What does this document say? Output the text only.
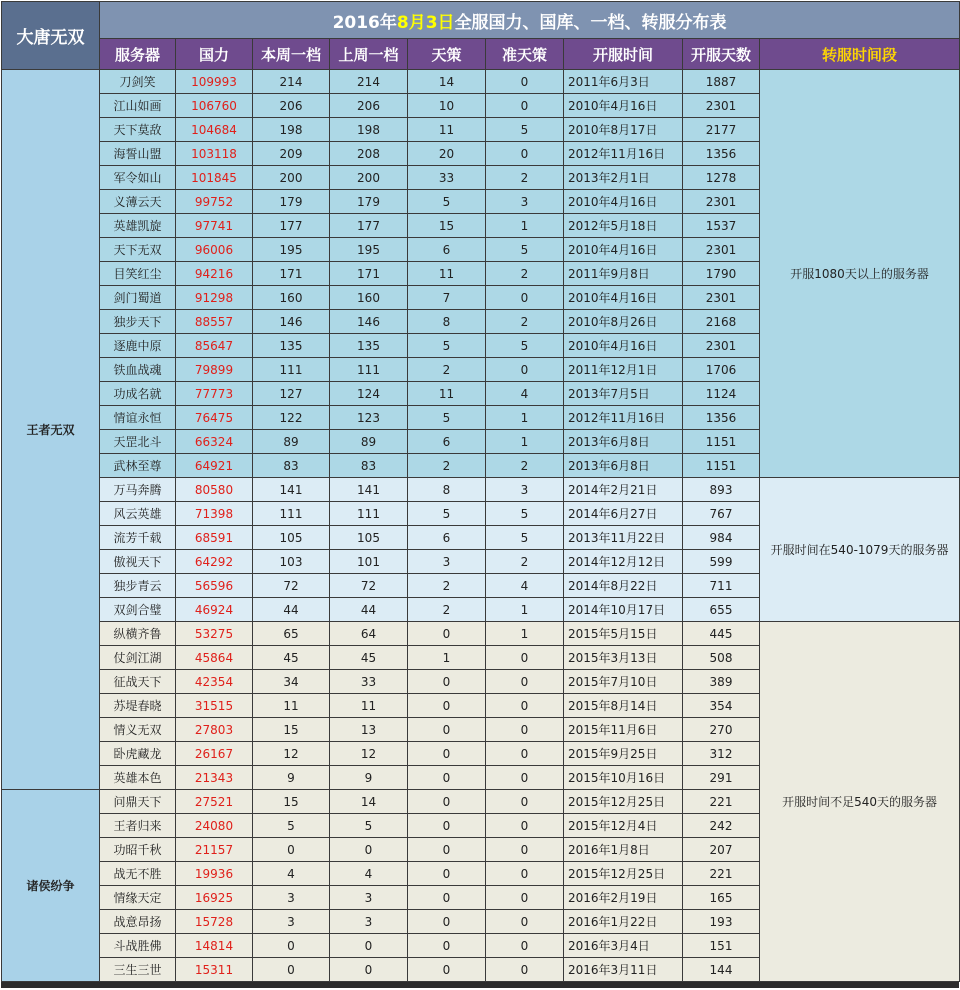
大唐无双	2016年8月3日全服国力、国库、一档、转服分布表								
	服务器	国力	本周一档	上周一档	天策	准天策	开服时间	开服天数	转服时间段
王者无双	刀剑笑	109993	214	214	14	0	2011年6月3日	1887	开服1080天以上的服务器
	江山如画	106760	206	206	10	0	2010年4月16日	2301	
	天下莫敌	104684	198	198	11	5	2010年8月17日	2177	
	海誓山盟	103118	209	208	20	0	2012年11月16日	1356	
	军令如山	101845	200	200	33	2	2013年2月1日	1278	
	义薄云天	99752	179	179	5	3	2010年4月16日	2301	
	英雄凯旋	97741	177	177	15	1	2012年5月18日	1537	
	天下无双	96006	195	195	6	5	2010年4月16日	2301	
	目笑红尘	94216	171	171	11	2	2011年9月8日	1790	
	剑门蜀道	91298	160	160	7	0	2010年4月16日	2301	
	独步天下	88557	146	146	8	2	2010年8月26日	2168	
	逐鹿中原	85647	135	135	5	5	2010年4月16日	2301	
	铁血战魂	79899	111	111	2	0	2011年12月1日	1706	
	功成名就	77773	127	124	11	4	2013年7月5日	1124	
	情谊永恒	76475	122	123	5	1	2012年11月16日	1356	
	天罡北斗	66324	89	89	6	1	2013年6月8日	1151	
	武林至尊	64921	83	83	2	2	2013年6月8日	1151	
	万马奔腾	80580	141	141	8	3	2014年2月21日	893	开服时间在540-1079天的服务器
	风云英雄	71398	111	111	5	5	2014年6月27日	767	
	流芳千载	68591	105	105	6	5	2013年11月22日	984	
	傲视天下	64292	103	101	3	2	2014年12月12日	599	
	独步青云	56596	72	72	2	4	2014年8月22日	711	
	双剑合璧	46924	44	44	2	1	2014年10月17日	655	
	纵横齐鲁	53275	65	64	0	1	2015年5月15日	445	开服时间不足540天的服务器
	仗剑江湖	45864	45	45	1	0	2015年3月13日	508	
	征战天下	42354	34	33	0	0	2015年7月10日	389	
	苏堤春晓	31515	11	11	0	0	2015年8月14日	354	
	情义无双	27803	15	13	0	0	2015年11月6日	270	
	卧虎藏龙	26167	12	12	0	0	2015年9月25日	312	
	英雄本色	21343	9	9	0	0	2015年10月16日	291	
诸侯纷争	问鼎天下	27521	15	14	0	0	2015年12月25日	221	
	王者归来	24080	5	5	0	0	2015年12月4日	242	
	功昭千秋	21157	0	0	0	0	2016年1月8日	207	
	战无不胜	19936	4	4	0	0	2015年12月25日	221	
	情缘天定	16925	3	3	0	0	2016年2月19日	165	
	战意昂扬	15728	3	3	0	0	2016年1月22日	193	
	斗战胜佛	14814	0	0	0	0	2016年3月4日	151	
	三生三世	15311	0	0	0	0	2016年3月11日	144	
